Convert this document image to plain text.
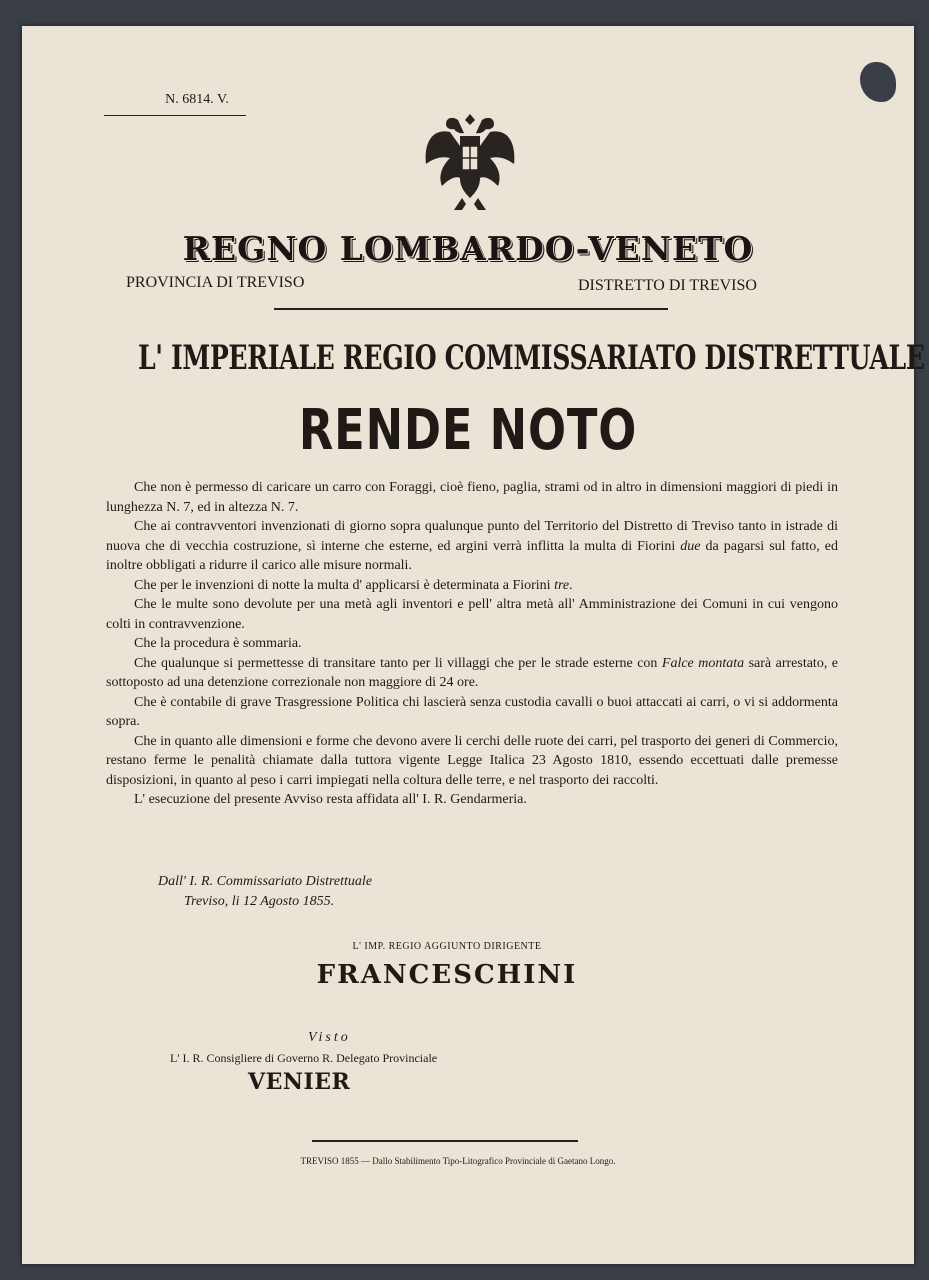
N. 6814. V.
REGNO LOMBARDO-VENETO
PROVINCIA DI TREVISO	DISTRETTO DI TREVISO
L' IMPERIALE REGIO COMMISSARIATO DISTRETTUALE
RENDE NOTO

Che non è permesso di caricare un carro con Foraggi, cioè fieno, paglia, strami od in altro in dimensioni maggiori di piedi in lunghezza N. 7, ed in altezza N. 7.

Che ai contravventori invenzionati di giorno sopra qualunque punto del Territorio del Distretto di Treviso tanto in istrade di nuova che di vecchia costruzione, sì interne che esterne, ed argini verrà inflitta la multa di Fiorini due da pagarsi sul fatto, ed inoltre obbligati a ridurre il carico alle misure normali.

Che per le invenzioni di notte la multa d' applicarsi è determinata a Fiorini tre.

Che le multe sono devolute per una metà agli inventori e pell' altra metà all' Amministrazione dei Comuni in cui vengono colti in contravvenzione.

Che la procedura è sommaria.

Che qualunque si permettesse di transitare tanto per li villaggi che per le strade esterne con Falce montata sarà arrestato, e sottoposto ad una detenzione correzionale non maggiore di 24 ore.

Che è contabile di grave Trasgressione Politica chi lascierà senza custodia cavalli o buoi attaccati ai carri, o vi si addormenta sopra.

Che in quanto alle dimensioni e forme che devono avere li cerchi delle ruote dei carri, pel trasporto dei generi di Commercio, restano ferme le penalità chiamate dalla tuttora vigente Legge Italica 23 Agosto 1810, essendo eccettuati dalle premesse disposizioni, in quanto al peso i carri impiegati nella coltura delle terre, e nel trasporto dei raccolti.

L' esecuzione del presente Avviso resta affidata all' I. R. Gendarmeria.

Dall' I. R. Commissariato Distrettuale
Treviso, li 12 Agosto 1855.
L' IMP. REGIO AGGIUNTO DIRIGENTE
FRANCESCHINI
Visto
L' I. R. Consigliere di Governo R. Delegato Provinciale
VENIER
TREVISO 1855 — Dallo Stabilimento Tipo-Litografico Provinciale di Gaetano Longo.
